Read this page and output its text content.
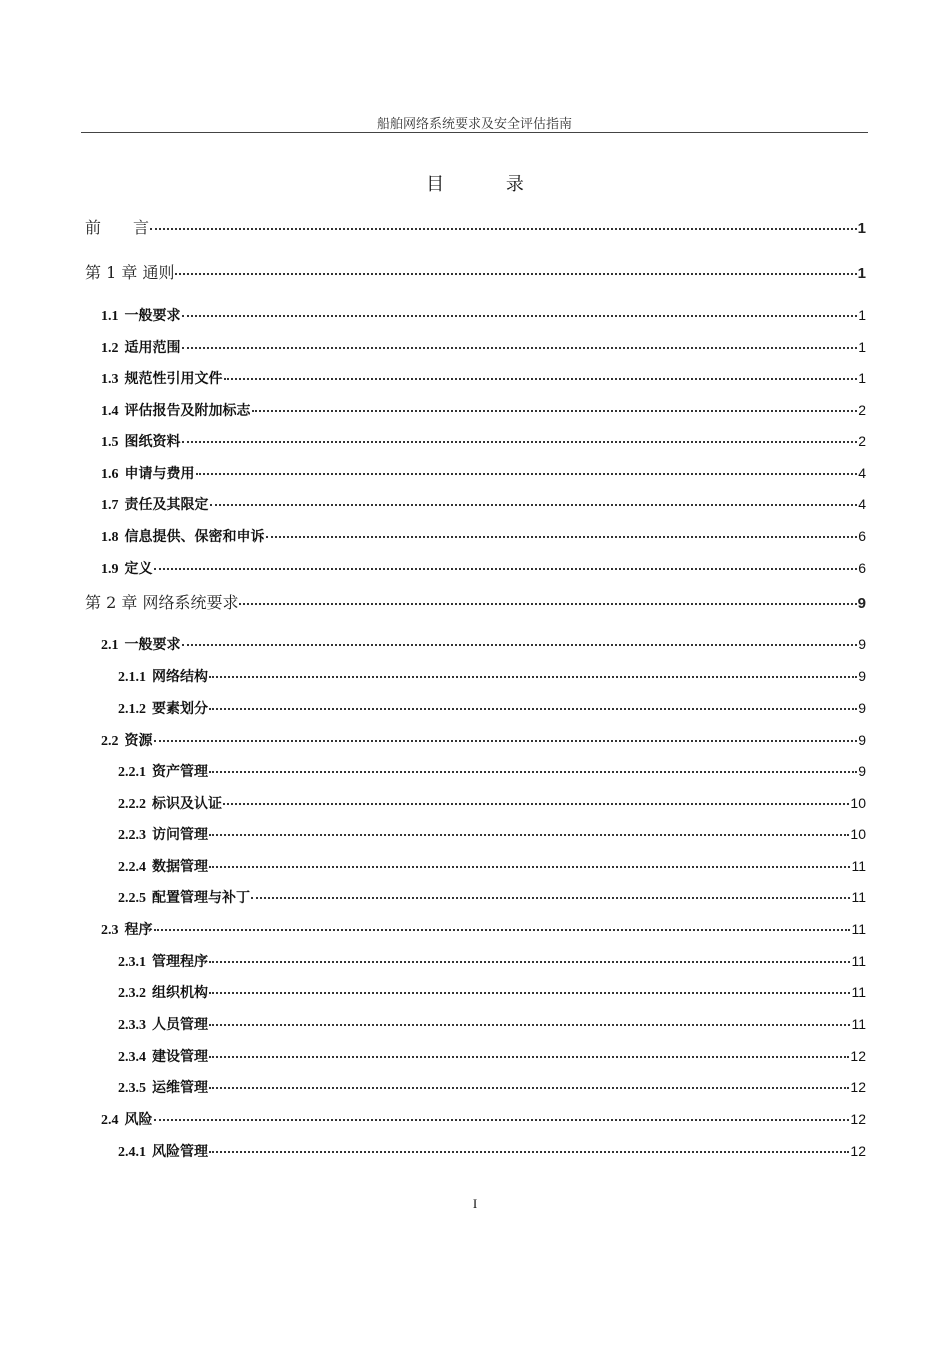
船舶网络系统要求及安全评估指南
目 录
前　　言	1
第 1 章 通则	1
1.1 一般要求	1
1.2 适用范围	1
1.3 规范性引用文件	1
1.4 评估报告及附加标志	2
1.5 图纸资料	2
1.6 申请与费用	4
1.7 责任及其限定	4
1.8 信息提供、保密和申诉	6
1.9 定义	6
第 2 章 网络系统要求	9
2.1 一般要求	9
2.1.1 网络结构	9
2.1.2 要素划分	9
2.2 资源	9
2.2.1 资产管理	9
2.2.2 标识及认证	10
2.2.3 访问管理	10
2.2.4 数据管理	11
2.2.5 配置管理与补丁	11
2.3 程序	11
2.3.1 管理程序	11
2.3.2 组织机构	11
2.3.3 人员管理	11
2.3.4 建设管理	12
2.3.5 运维管理	12
2.4 风险	12
2.4.1 风险管理	12
I
